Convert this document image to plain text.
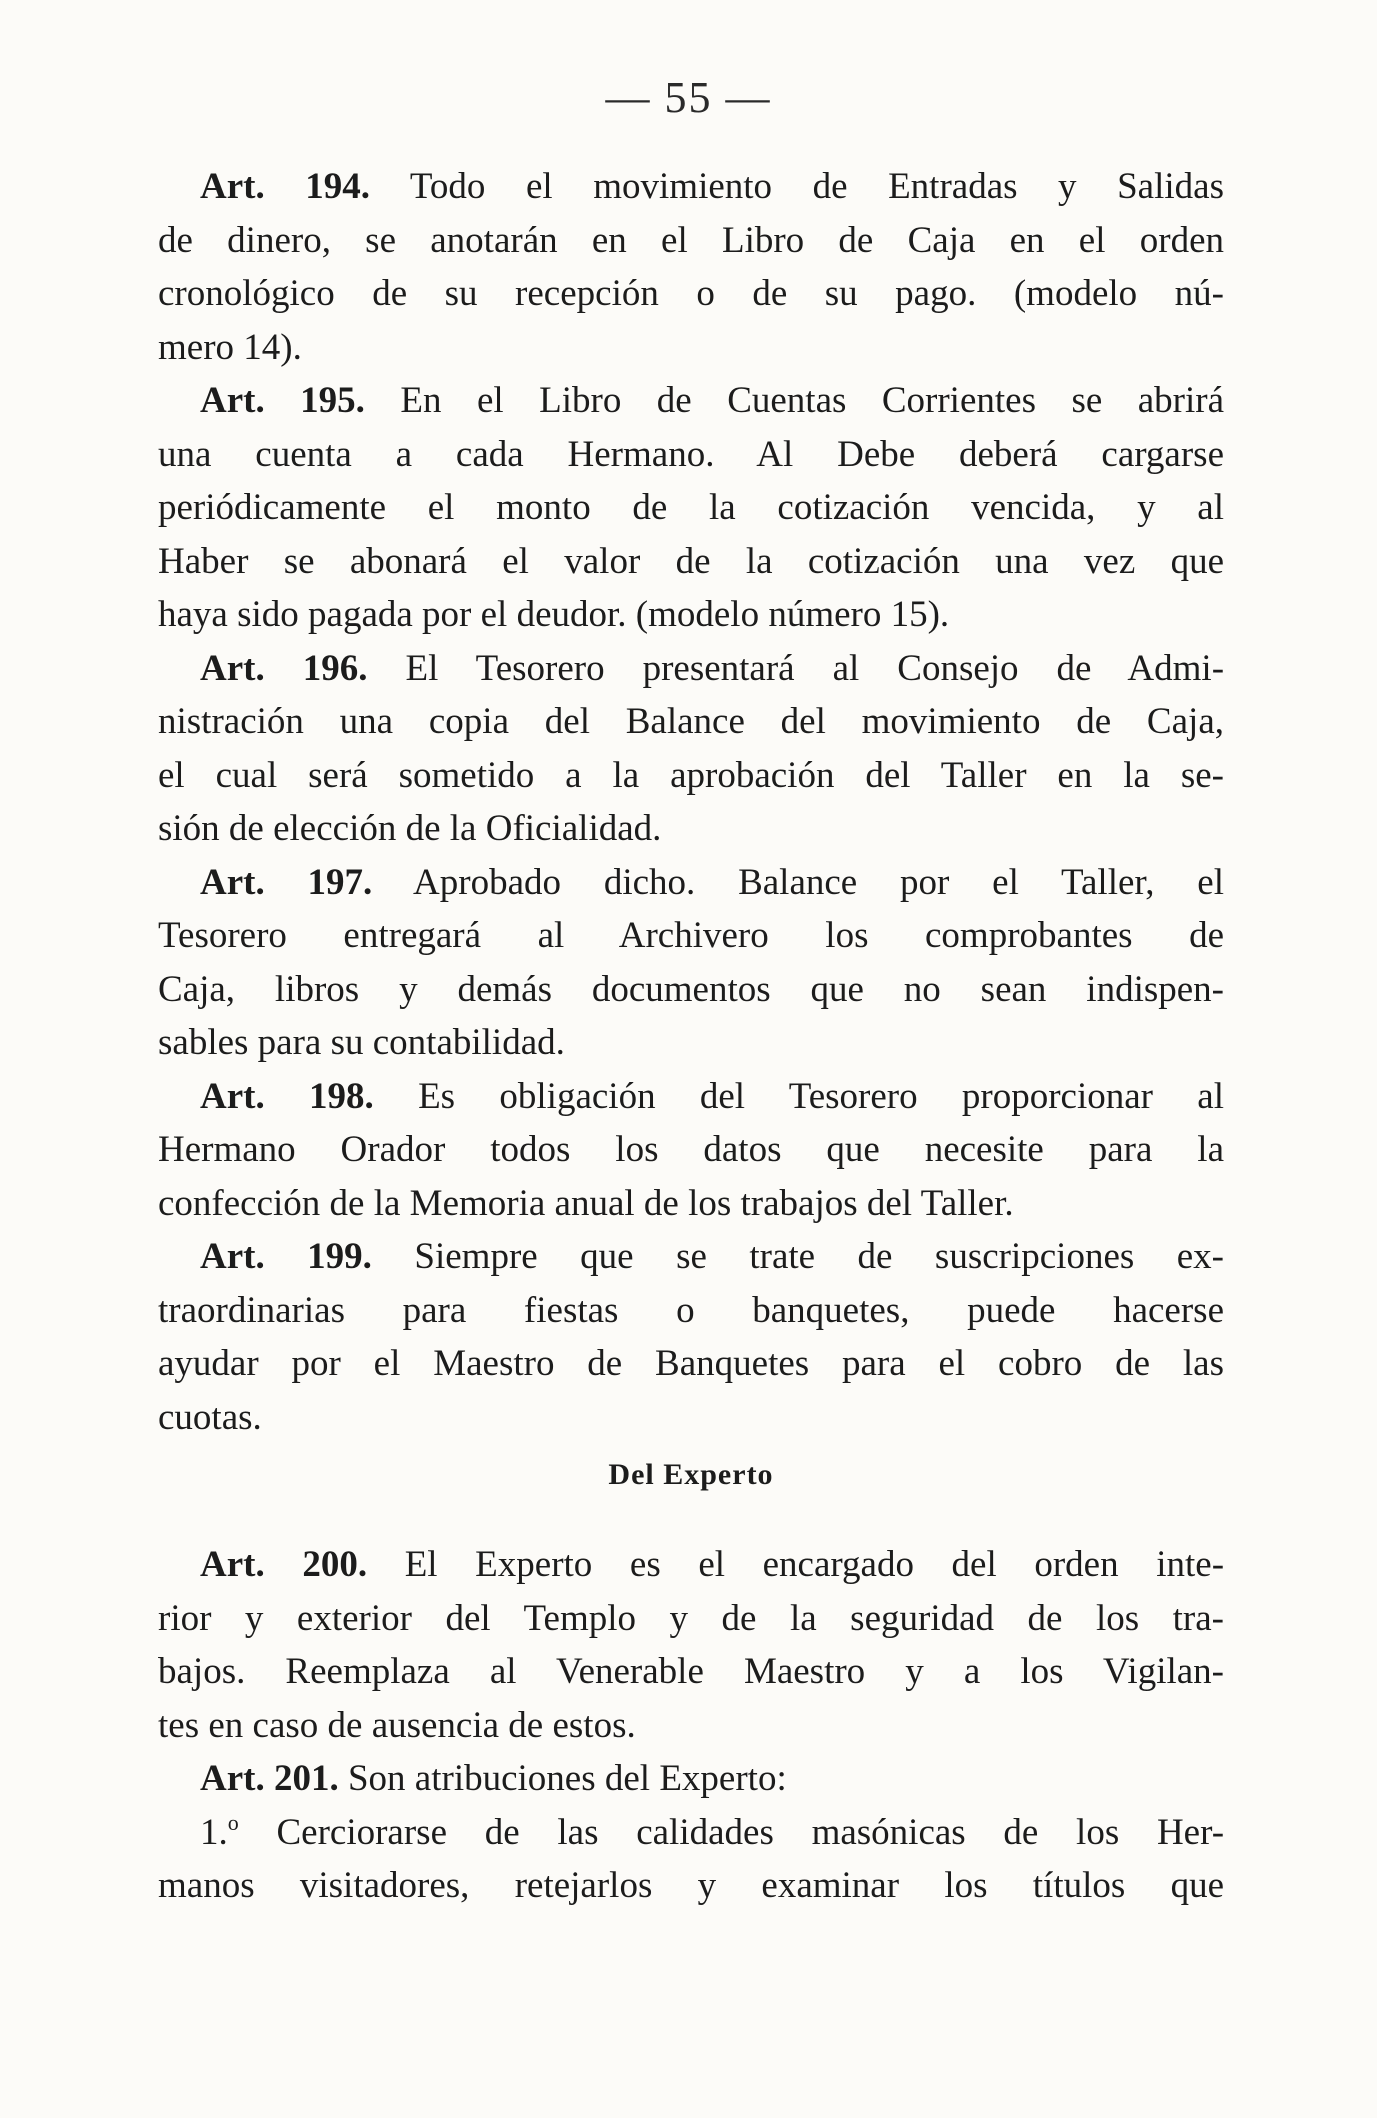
— 55 —
Art. 194. Todo el movimiento de Entradas y Salidas
de dinero, se anotarán en el Libro de Caja en el orden
cronológico de su recepción o de su pago. (modelo nú-
mero 14).
Art. 195. En el Libro de Cuentas Corrientes se abrirá
una cuenta a cada Hermano. Al Debe deberá cargarse
periódicamente el monto de la cotización vencida, y al
Haber se abonará el valor de la cotización una vez que
haya sido pagada por el deudor. (modelo número 15).
Art. 196. El Tesorero presentará al Consejo de Admi-
nistración una copia del Balance del movimiento de Caja,
el cual será sometido a la aprobación del Taller en la se-
sión de elección de la Oficialidad.
Art. 197. Aprobado dicho. Balance por el Taller, el
Tesorero entregará al Archivero los comprobantes de
Caja, libros y demás documentos que no sean indispen-
sables para su contabilidad.
Art. 198. Es obligación del Tesorero proporcionar al
Hermano Orador todos los datos que necesite para la
confección de la Memoria anual de los trabajos del Taller.
Art. 199. Siempre que se trate de suscripciones ex-
traordinarias para fiestas o banquetes, puede hacerse
ayudar por el Maestro de Banquetes para el cobro de las
cuotas.
Del Experto
Art. 200. El Experto es el encargado del orden inte-
rior y exterior del Templo y de la seguridad de los tra-
bajos. Reemplaza al Venerable Maestro y a los Vigilan-
tes en caso de ausencia de estos.
Art. 201. Son atribuciones del Experto:
1.$^o$ Cerciorarse de las calidades masónicas de los Her-
manos visitadores, retejarlos y examinar los títulos que
